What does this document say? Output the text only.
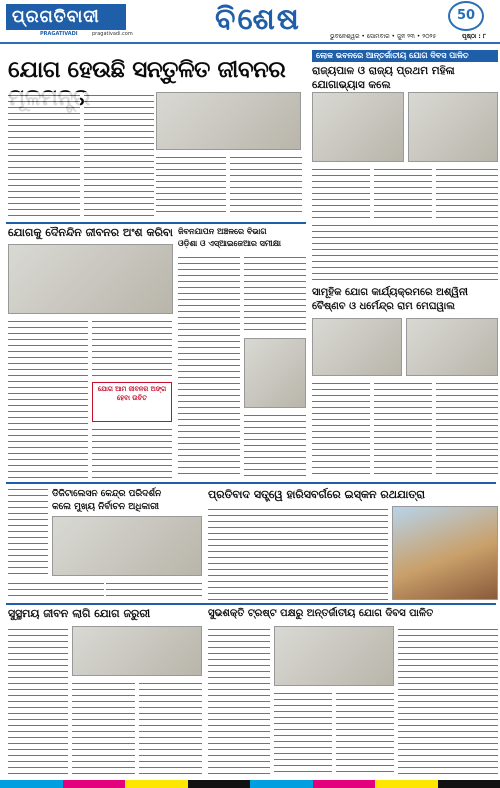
ପ୍ରଗତିବାଦୀ
PRAGATIVADI	pragativadi.com	ବିଶେଷ	50
ଭୁବନେଶ୍ୱର • ସୋମବାର • ଜୁନ ୨୩ • ୨୦୨୫	ପୃଷ୍ଠା : ୮
ଯୋଗ ହେଉଛି ସନ୍ତୁଳିତ ଜୀବନର
ଲୋକ ଭବନରେ ଆନ୍ତର୍ଜାତୀୟ ଯୋଗ ଦିବସ ପାଳିତ
ରାଜ୍ୟପାଳ ଓ ରାଜ୍ୟ ପ୍ରଥମ ମହିଳା ଯୋଗାଭ୍ୟାସ କଲେ
ଯୋଗକୁ ଦୈନନ୍ଦିନ ଜୀବନର ଅଂଶ କରିବା
ଯୋଗ ଆମ ଜୀବନର ଅଙ୍ଗ ହେବା ଉଚିତ
ଜିବନଯାପନ ଅଞ୍ଚଳରେ ବିଭାଗ
ଓଡ଼ିଶା ଓ ଏସ୍‌ଆଇଜେଆର ସମୀକ୍ଷା
ସାମୂହିକ ଯୋଗ କାର୍ଯ୍ୟକ୍ରମରେ ଅଶ୍ୱିନୀ
ବୈଷ୍ଣବ ଓ ଧର୍ମେନ୍ଦ୍ର ରାମ ମେଘୱାଲ
ଡିଜିଟାଲେସନ କେନ୍ଦ୍ର ପରିଦର୍ଶନ
କଲେ ମୁଖ୍ୟ ନିର୍ବାଚନ ଅଧିକାରୀ
ପ୍ରତିବାଦ ସତ୍ତ୍ୱେ ହାରିସବର୍ଗରେ ଇସ୍କନ ରଥଯାତ୍ରା
ସୁସ୍ଥମୟ ଜୀବନ ଲାଗି ଯୋଗ ଜରୁରୀ	ସୁଭଶକ୍ତି ଟ୍ରଷ୍ଟ ପକ୍ଷରୁ ଅନ୍ତର୍ଜାତୀୟ ଯୋଗ ଦିବସ ପାଳିତ
